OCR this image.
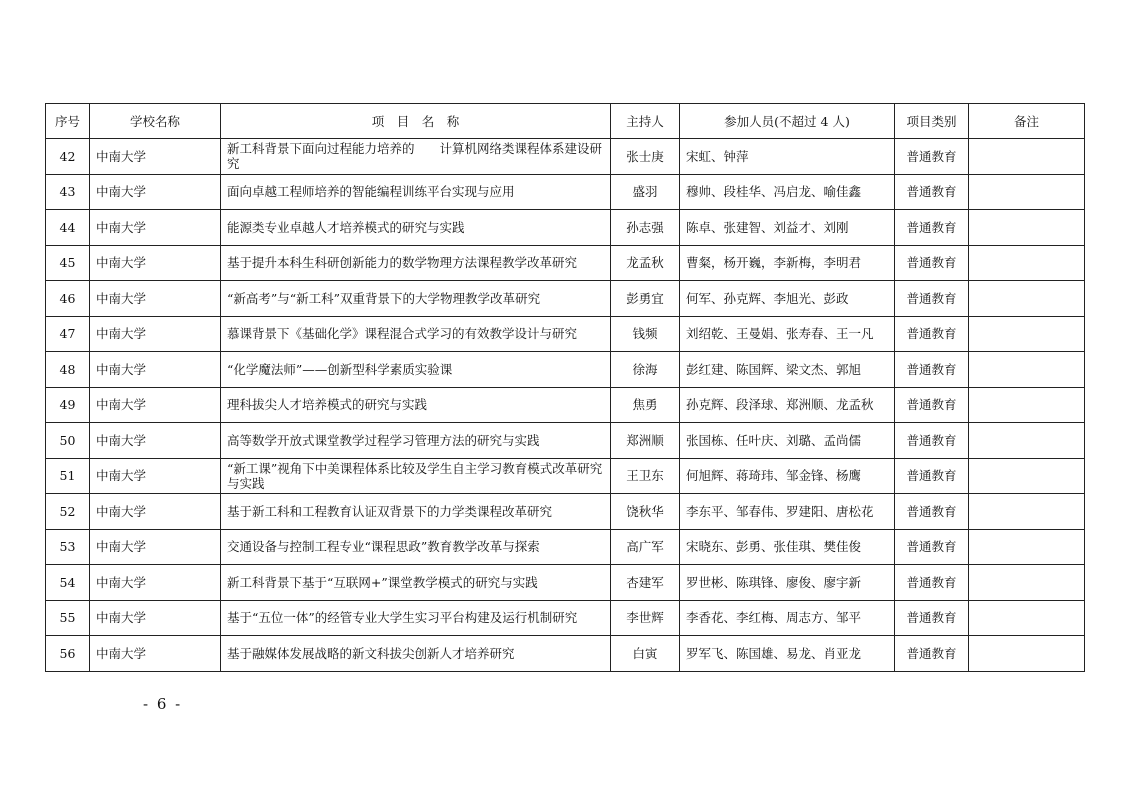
序号	学校名称	项　目　名　称	主持人	参加人员(不超过 4 人)	项目类别	备注
42	中南大学	新工科背景下面向过程能力培养的　　计算机网络类课程体系建设研究	张士庚	宋虹、钟萍	普通教育	
43	中南大学	面向卓越工程师培养的智能编程训练平台实现与应用	盛羽	穆帅、段桂华、冯启龙、喻佳鑫	普通教育	
44	中南大学	能源类专业卓越人才培养模式的研究与实践	孙志强	陈卓、张建智、刘益才、刘刚	普通教育	
45	中南大学	基于提升本科生科研创新能力的数学物理方法课程教学改革研究	龙孟秋	曹粲，杨开巍，李新梅，李明君	普通教育	
46	中南大学	“新高考”与“新工科”双重背景下的大学物理教学改革研究	彭勇宜	何军、孙克辉、李旭光、彭政	普通教育	
47	中南大学	慕课背景下《基础化学》课程混合式学习的有效教学设计与研究	钱频	刘绍乾、王曼娟、张寿春、王一凡	普通教育	
48	中南大学	“化学魔法师”——创新型科学素质实验课	徐海	彭红建、陈国辉、梁文杰、郭旭	普通教育	
49	中南大学	理科拔尖人才培养模式的研究与实践	焦勇	孙克辉、段泽球、郑洲顺、龙孟秋	普通教育	
50	中南大学	高等数学开放式课堂教学过程学习管理方法的研究与实践	郑洲顺	张国栋、任叶庆、刘璐、孟尚儒	普通教育	
51	中南大学	“新工课”视角下中美课程体系比较及学生自主学习教育模式改革研究与实践	王卫东	何旭辉、蒋琦玮、邹金锋、杨鹰	普通教育	
52	中南大学	基于新工科和工程教育认证双背景下的力学类课程改革研究	饶秋华	李东平、邹春伟、罗建阳、唐松花	普通教育	
53	中南大学	交通设备与控制工程专业“课程思政”教育教学改革与探索	高广军	宋晓东、彭勇、张佳琪、樊佳俊	普通教育	
54	中南大学	新工科背景下基于“互联网+”课堂教学模式的研究与实践	杏建军	罗世彬、陈琪锋、廖俊、廖宇新	普通教育	
55	中南大学	基于“五位一体”的经管专业大学生实习平台构建及运行机制研究	李世辉	李香花、李红梅、周志方、邹平	普通教育	
56	中南大学	基于融媒体发展战略的新文科拔尖创新人才培养研究	白寅	罗军飞、陈国雄、易龙、肖亚龙	普通教育	
- 6 -
